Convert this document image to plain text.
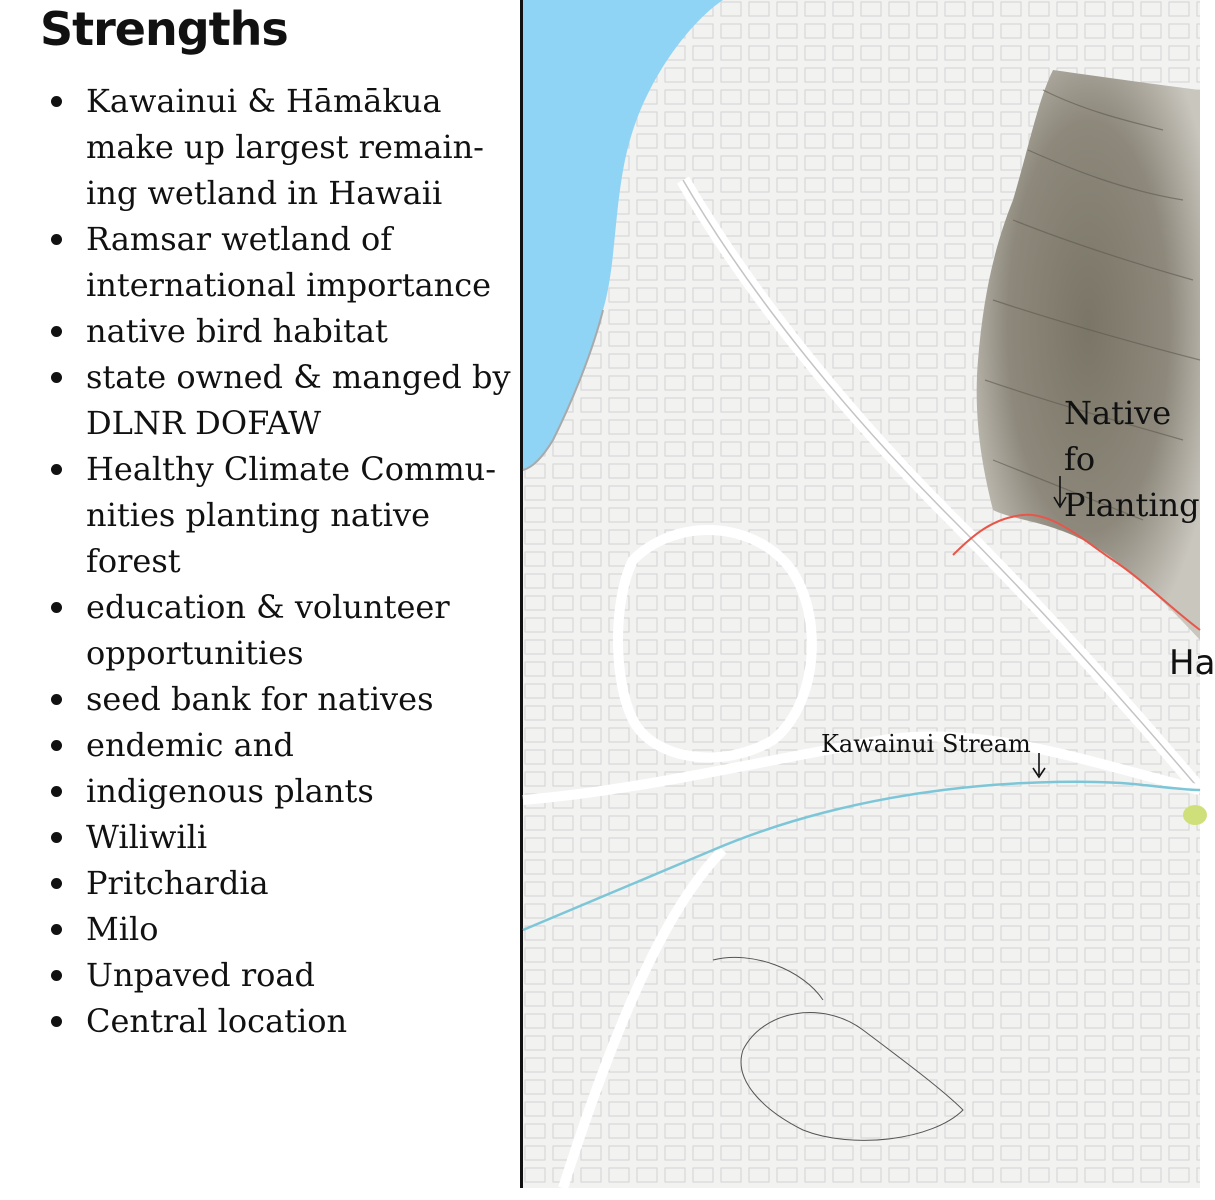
Strengths
Kawainui & Hāmākua
make up largest remain-
ing wetland in Hawaii
Ramsar wetland of
international importance
native bird habitat
state owned & manged by
DLNR DOFAW
Healthy Climate Commu-
nities planting native
forest
education & volunteer
opportunities
seed bank for natives
endemic and
indigenous plants
Wiliwili
Pritchardia
Milo
Unpaved road
Central location
Native fo
Planting
Kawainui Stream
Ha
